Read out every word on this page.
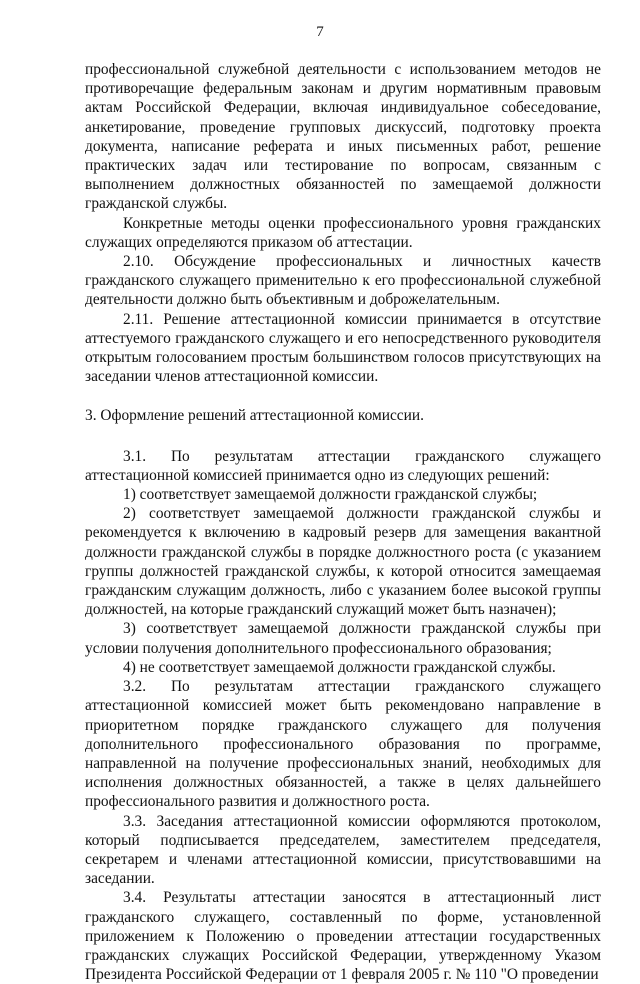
7

профессиональной служебной деятельности с использованием методов не противоречащие федеральным законам и другим нормативным правовым актам Российской Федерации, включая индивидуальное собеседование, анкетирование, проведение групповых дискуссий, подготовку проекта документа, написание реферата и иных письменных работ, решение практических задач или тестирование по вопросам, связанным с выполнением должностных обязанностей по замещаемой должности гражданской службы.

Конкретные методы оценки профессионального уровня гражданских служащих определяются приказом об аттестации.

2.10. Обсуждение профессиональных и личностных качеств гражданского служащего применительно к его профессиональной служебной деятельности должно быть объективным и доброжелательным.

2.11. Решение аттестационной комиссии принимается в отсутствие аттестуемого гражданского служащего и его непосредственного руководителя открытым голосованием простым большинством голосов присутствующих на заседании членов аттестационной комиссии.

3. Оформление решений аттестационной комиссии.

3.1. По результатам аттестации гражданского служащего аттестационной комиссией принимается одно из следующих решений:

1) соответствует замещаемой должности гражданской службы;

2) соответствует замещаемой должности гражданской службы и рекомендуется к включению в кадровый резерв для замещения вакантной должности гражданской службы в порядке должностного роста (с указанием группы должностей гражданской службы, к которой относится замещаемая гражданским служащим должность, либо с указанием более высокой группы должностей, на которые гражданский служащий может быть назначен);

3) соответствует замещаемой должности гражданской службы при условии получения дополнительного профессионального образования;

4) не соответствует замещаемой должности гражданской службы.

3.2. По результатам аттестации гражданского служащего аттестационной комиссией может быть рекомендовано направление в приоритетном порядке гражданского служащего для получения дополнительного профессионального образования по программе, направленной на получение профессиональных знаний, необходимых для исполнения должностных обязанностей, а также в целях дальнейшего профессионального развития и должностного роста.

3.3. Заседания аттестационной комиссии оформляются протоколом, который подписывается председателем, заместителем председателя, секретарем и членами аттестационной комиссии, присутствовавшими на заседании.

3.4. Результаты аттестации заносятся в аттестационный лист гражданского служащего, составленный по форме, установленной приложением к Положению о проведении аттестации государственных гражданских служащих Российской Федерации, утвержденному Указом Президента Российской Федерации от 1 февраля 2005 г. № 110 "О проведении
